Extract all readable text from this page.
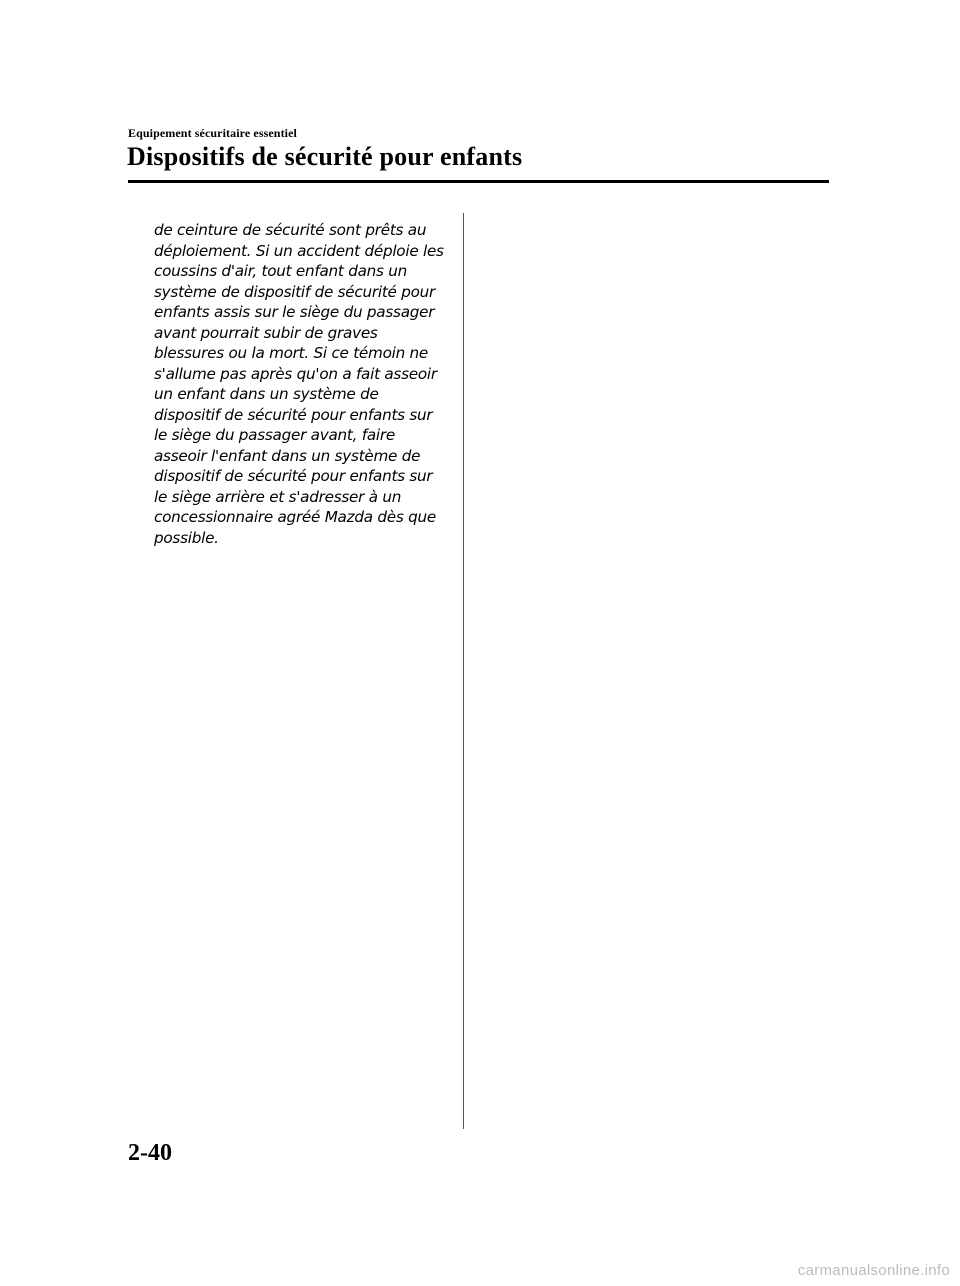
Equipement sécuritaire essentiel
Dispositifs de sécurité pour enfants

de ceinture de sécurité sont prêts au
déploiement. Si un accident déploie les
coussins d'air, tout enfant dans un
système de dispositif de sécurité pour
enfants assis sur le siège du passager
avant pourrait subir de graves
blessures ou la mort. Si ce témoin ne
s'allume pas après qu'on a fait asseoir
un enfant dans un système de
dispositif de sécurité pour enfants sur
le siège du passager avant, faire
asseoir l'enfant dans un système de
dispositif de sécurité pour enfants sur
le siège arrière et s'adresser à un
concessionnaire agréé Mazda dès que
possible.

2-40
carmanualsonline.info
